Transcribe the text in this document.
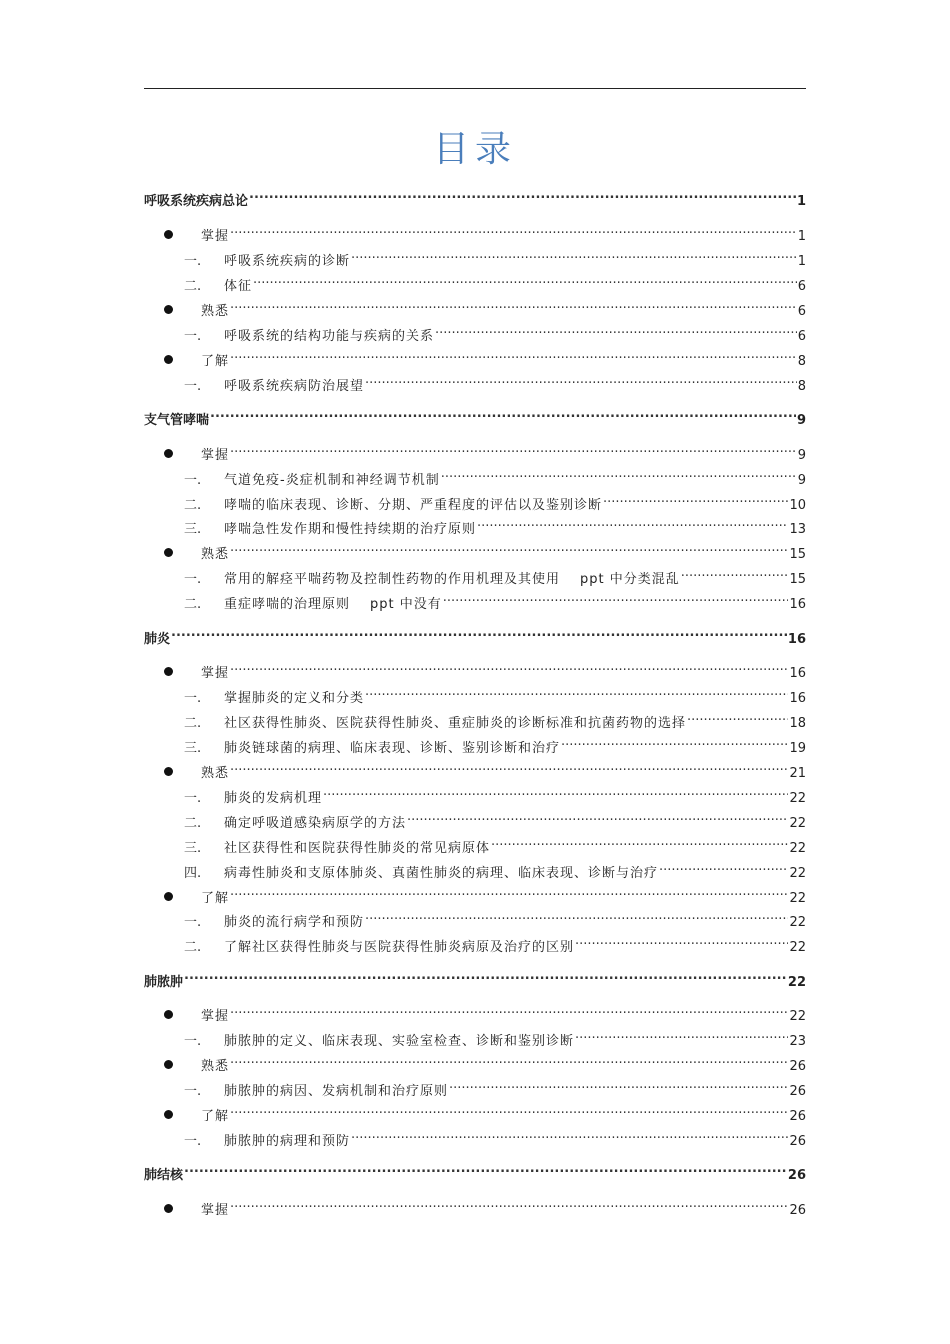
目录
呼吸系统疾病总论 .....	1
掌握 .....	1
一.	呼吸系统疾病的诊断 .....	1
二.	体征 .....	6
熟悉 .....	6
一.	呼吸系统的结构功能与疾病的关系 .....	6
了解 .....	8
一.	呼吸系统疾病防治展望 .....	8
支气管哮喘 .....	9
掌握 .....	9
一.	气道免疫-炎症机制和神经调节机制 .....	9
二.	哮喘的临床表现、诊断、分期、严重程度的评估以及鉴别诊断 .....	10
三.	哮喘急性发作期和慢性持续期的治疗原则 .....	13
熟悉 .....	15
一.	常用的解痉平喘药物及控制性药物的作用机理及其使用 ppt 中分类混乱 .....	15
二.	重症哮喘的治理原则 ppt 中没有 .....	16
肺炎 .....	16
掌握 .....	16
一.	掌握肺炎的定义和分类 .....	16
二.	社区获得性肺炎、医院获得性肺炎、重症肺炎的诊断标准和抗菌药物的选择 .....	18
三.	肺炎链球菌的病理、临床表现、诊断、鉴别诊断和治疗 .....	19
熟悉 .....	21
一.	肺炎的发病机理 .....	22
二.	确定呼吸道感染病原学的方法 .....	22
三.	社区获得性和医院获得性肺炎的常见病原体 .....	22
四.	病毒性肺炎和支原体肺炎、真菌性肺炎的病理、临床表现、诊断与治疗 .....	22
了解 .....	22
一.	肺炎的流行病学和预防 .....	22
二.	了解社区获得性肺炎与医院获得性肺炎病原及治疗的区别 .....	22
肺脓肿 .....	22
掌握 .....	22
一.	肺脓肿的定义、临床表现、实验室检查、诊断和鉴别诊断 .....	23
熟悉 .....	26
一.	肺脓肿的病因、发病机制和治疗原则 .....	26
了解 .....	26
一.	肺脓肿的病理和预防 .....	26
肺结核 .....	26
掌握 .....	26
